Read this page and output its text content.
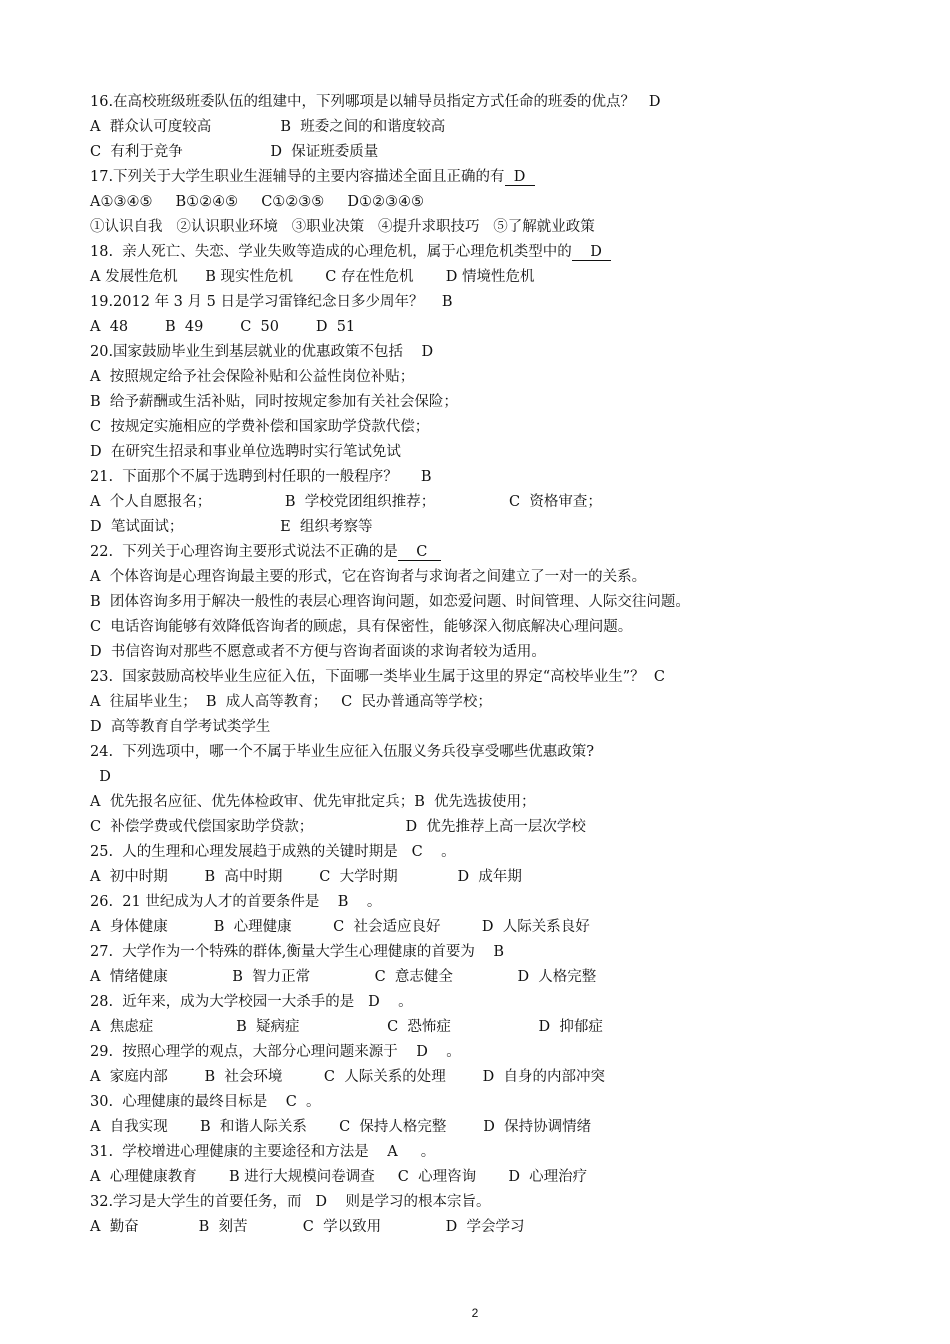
16.在高校班级班委队伍的组建中，下列哪项是以辅导员指定方式任命的班委的优点？   D
A  群众认可度较高               B  班委之间的和谐度较高
C  有利于竞争                   D  保证班委质量
17.下列关于大学生职业生涯辅导的主要内容描述全面且正确的有  D
A①③④⑤     B①②④⑤     C①②③⑤     D①②③④⑤
①认识自我   ②认识职业环境   ③职业决策   ④提升求职技巧   ⑤了解就业政策
18.  亲人死亡、失恋、学业失败等造成的心理危机，属于心理危机类型中的    D
A 发展性危机      B 现实性危机       C 存在性危机       D 情境性危机
19.2012 年 3 月 5 日是学习雷锋纪念日多少周年？    B
A  48        B  49        C  50        D  51
20.国家鼓励毕业生到基层就业的优惠政策不包括    D
A  按照规定给予社会保险补贴和公益性岗位补贴；
B  给予薪酬或生活补贴，同时按规定参加有关社会保险；
C  按规定实施相应的学费补偿和国家助学贷款代偿；
D  在研究生招录和事业单位选聘时实行笔试免试
21.  下面那个不属于选聘到村任职的一般程序？     B
A  个人自愿报名；                B  学校党团组织推荐；                C  资格审查；
D  笔试面试；                     E  组织考察等
22.  下列关于心理咨询主要形式说法不正确的是    C
A  个体咨询是心理咨询最主要的形式，它在咨询者与求询者之间建立了一对一的关系。
B  团体咨询多用于解决一般性的表层心理咨询问题，如恋爱问题、时间管理、人际交往问题。
C  电话咨询能够有效降低咨询者的顾虑，具有保密性，能够深入彻底解决心理问题。
D  书信咨询对那些不愿意或者不方便与咨询者面谈的求询者较为适用。
23.  国家鼓励高校毕业生应征入伍，下面哪一类毕业生属于这里的界定“高校毕业生”？  C
A  往届毕业生；  B  成人高等教育；   C  民办普通高等学校；
D  高等教育自学考试类学生
24.  下列选项中，哪一个不属于毕业生应征入伍服义务兵役享受哪些优惠政策?
D
A  优先报名应征、优先体检政审、优先审批定兵；B  优先选拔使用；
C  补偿学费或代偿国家助学贷款；                    D  优先推荐上高一层次学校
25.  人的生理和心理发展趋于成熟的关键时期是   C    。
A  初中时期        B  高中时期        C  大学时期             D  成年期
26.  21 世纪成为人才的首要条件是    B    。
A  身体健康          B  心理健康         C  社会适应良好         D  人际关系良好
27.  大学作为一个特殊的群体,衡量大学生心理健康的首要为    B
A  情绪健康              B  智力正常              C  意志健全              D  人格完整
28.  近年来，成为大学校园一大杀手的是   D    。
A  焦虑症                  B  疑病症                   C  恐怖症                   D  抑郁症
29.  按照心理学的观点，大部分心理问题来源于    D    。
A  家庭内部        B  社会环境         C  人际关系的处理        D  自身的内部冲突
30.  心理健康的最终目标是    C  。
A  自我实现       B  和谐人际关系       C  保持人格完整        D  保持协调情绪
31.  学校增进心理健康的主要途径和方法是    A     。
A  心理健康教育       B 进行大规模问卷调查     C  心理咨询       D  心理治疗
32.学习是大学生的首要任务，而   D    则是学习的根本宗旨。
A  勤奋             B  刻苦            C  学以致用              D  学会学习
2
